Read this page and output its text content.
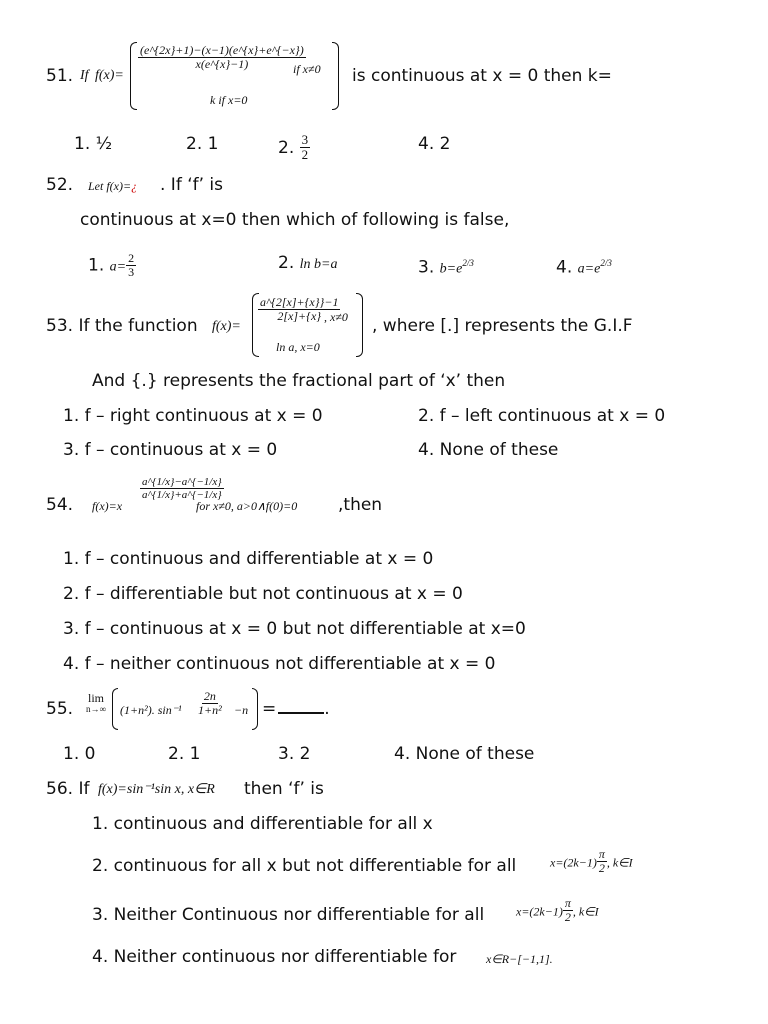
51. If f(x)=
$\frac{(e\^{}\{2x\}+1)-(x-1)(e\^{}\{x\}+e\^{}\{-x\})}{x(e\^{}\{x\}-1)}$
if x≠0
k if x=0
is continuous at x = 0 then k=
1. ½	2. 1	2. $\frac{3}{2}$	4. 2
52. Let f(x)=¿ . If ‘f’ is
continuous at x=0 then which of following is false,
1. $a= \frac{2}{3}$	2. ln b=a	3. $b=e^{2/3}$	4. $a=e^{2/3}$
53. If the function f(x)=
$\frac{a\^{}\{2[x]+\{x\}\}-1}{2[x]+\{x\}}$
, x≠0
ln a, x=0
, where [.] represents the G.I.F
And {.} represents the fractional part of ‘x’ then
1. f – right continuous at x = 0	2. f – left continuous at x = 0
3. f – continuous at x = 0	4. None of these
54. f(x)=x
$\frac{a\^{}\{1/x\}-a\^{}\{-1/x\}}{a\^{}\{1/x\}+a\^{}\{-1/x\}}$
for x≠0, a>0∧f(0)=0 ,then
1. f – continuous and differentiable at x = 0
2. f – differentiable but not continuous at x = 0
3. f – continuous at x = 0 but not differentiable at x=0
4. f – neither continuous not differentiable at x = 0
55.
lim
n→∞ (1+n²). $\sin^{-1} \frac{2n}{\text{1+n²}} -n$ =	.
1. 0	2. 1	3. 2	4. None of these
56. If f(x)=sin⁻¹sin x, x∈R then ‘f’ is
1. continuous and differentiable for all x
2. continuous for all x but not differentiable for all	$x=(2k-1) \frac{\pi}{2}$ , k∈I
3. Neither Continuous nor differentiable for all	$x=(2k-1) \frac{\pi}{2}$ , k∈I
4. Neither continuous nor differentiable for x∈R−[−1,1].
